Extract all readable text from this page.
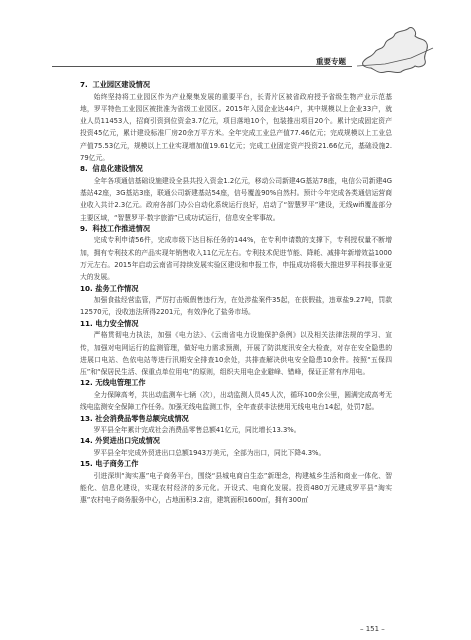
重要专题

7. 工业园区建设情况

始终坚持将工业园区作为产业聚集发展的重要平台，长青片区被省政府授予省级生物产业示范基地，罗平特色工业园区被批准为省级工业园区。2015年入园企业达44户，其中规模以上企业33户，就业人员11453人，招商引资到位资金3.7亿元，项目落地10个，包装推出项目20个。累计完成固定资产投资45亿元，累计建设标准厂房20余万平方米。全年完成工业总产值77.46亿元；完成规模以上工业总产值75.53亿元，规模以上工业实现增加值19.61亿元；完成工业固定资产投资21.66亿元，基础设施2.79亿元。

8. 信息化建设情况

全年各项通信基础设施建设全县共投入资金1.2亿元，移动公司新建4G基站78座，电信公司新建4G基站42座，3G基站3座，联通公司新建基站54座，信号覆盖90%自然村。预计今年完成各类通信运营商业收入共计2.3亿元。政府各部门办公自动化系统运行良好，启动了“智慧罗平”建设，无线wifi覆盖部分主要区域，“智慧罗平·数字旅游”已成功试运行，信息安全零事故。

9. 科技工作推进情况

完成专利申请56件，完成市级下达目标任务的144%，在专利申请数的支撑下，专利授权量不断增加，拥有专利技术的产品实现年销售收入11亿元左右。专利技术促进节能、降耗、减排年新增效益1000万元左右。2015年启动云南省可持续发展实验区建设和申报工作，申报成功将极大推进罗平科技事业更大的发展。

10. 盐务工作情况

加强食盐经营监管，严厉打击贩假售违行为，在处涉盐案件35起，在获假盐，违章盐9.27吨，罚款12570元，没收违法所得2201元，有效净化了盐务市场。

11. 电力安全情况

严格贯彻电力执法，加强《电力法》、《云南省电力设施保护条例》以及相关法律法规的学习、宣传，加强对电网运行的监测管理，做好电力需求预测，开展了防洪度汛安全大检查，对存在安全隐患的进展口电站、色依电站等进行汛期安全排查10余处，共排查解决供电安全隐患10余件。按照“五保四压”和“保居民生活、保重点单位用电”的原则，组织夫用电企业避峰、错峰，保证正常有序用电。

12. 无线电管理工作

全力保障高考，共出动监测车七辆（次），出动监测人员45人次，循环100余公里，圆满完成高考无线电监测安全保障工作任务。加强无线电监测工作，全年查获非法使用无线电电台14起，处罚7起。

13. 社会消费品零售总额完成情况

罗平县全年累计完成社会消费品零售总额41亿元，同比增长13.3%。

14. 外贸进出口完成情况

罗平县全年完成外贸进出口总额1943万美元，全部为出口，同比下降4.3%。

15. 电子商务工作

引进深圳“淘实惠”电子商务平台，围绕“县城电商自生态”新理念，构建城乡生活和商业一体化、智能化、信息化建设，实现农村经济的多元化。开设式、电商化发展。投资480万元建成罗平县“淘实惠”农村电子商务服务中心，占地面积3.2亩，建筑面积1600㎡，拥有300㎡

– 151 –
